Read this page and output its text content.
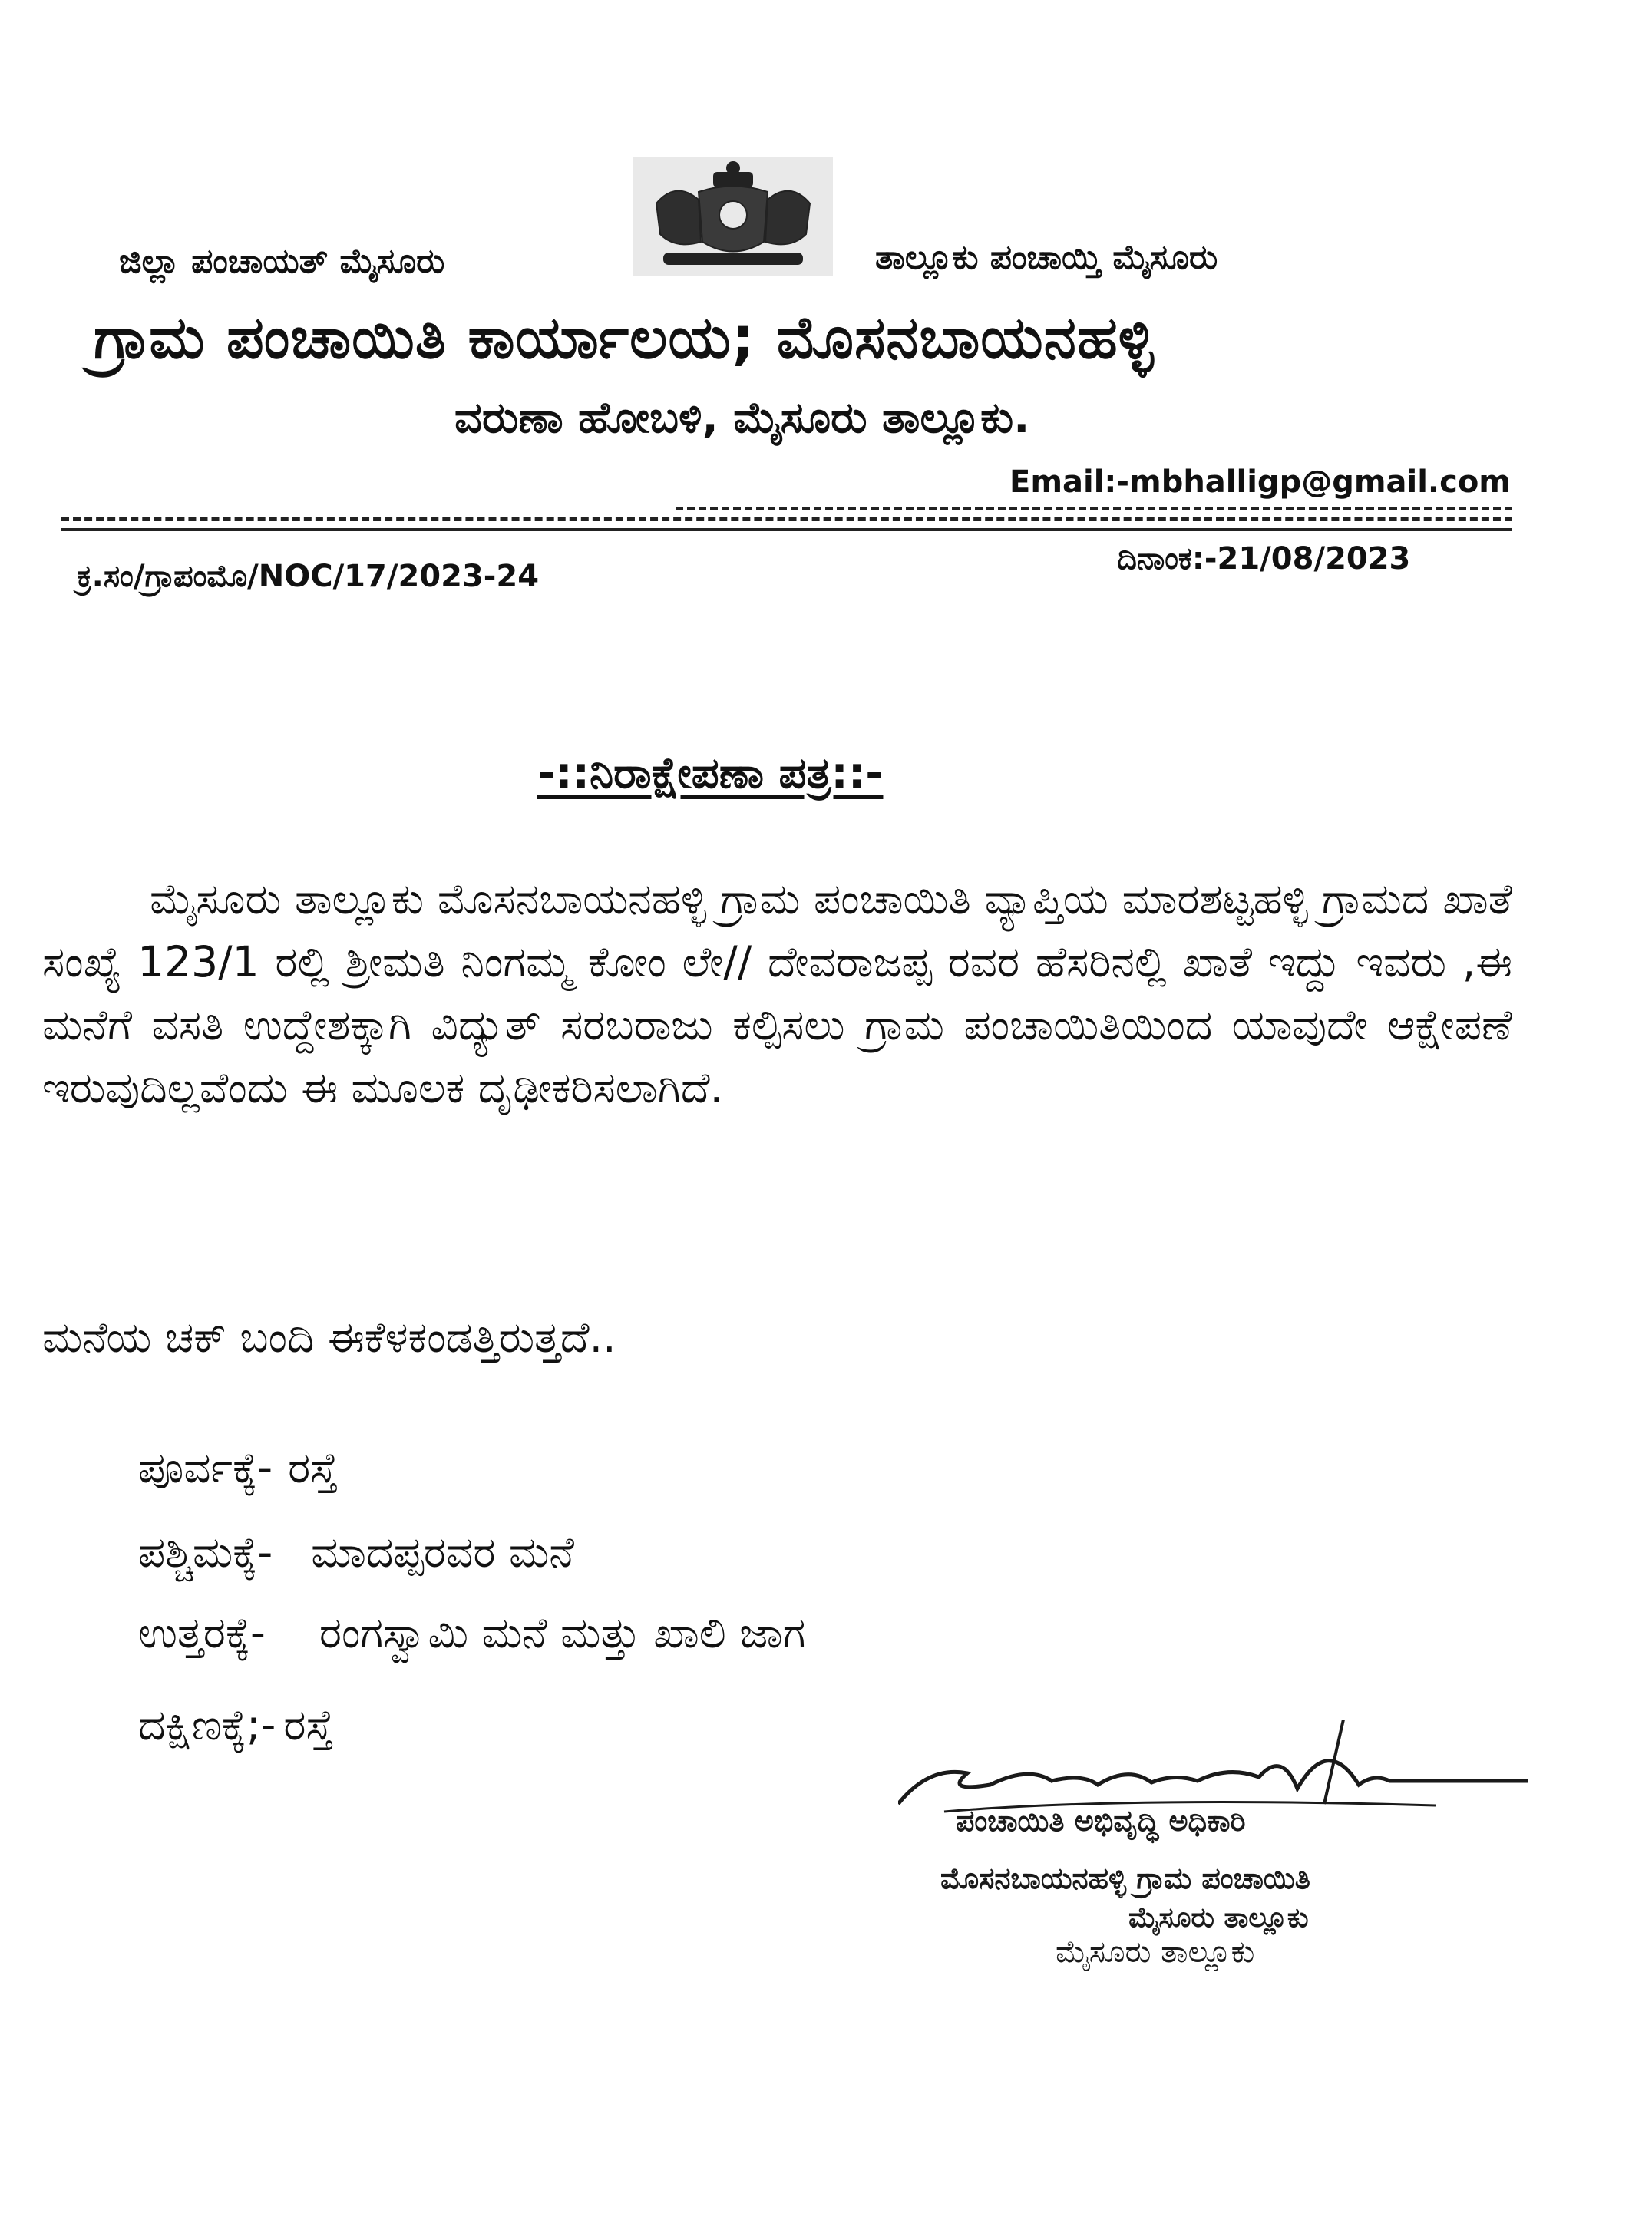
ಜಿಲ್ಲಾ ಪಂಚಾಯತ್ ಮೈಸೂರು	ತಾಲ್ಲೂಕು ಪಂಚಾಯ್ತಿ ಮೈಸೂರು
ಗ್ರಾಮ ಪಂಚಾಯಿತಿ ಕಾರ್ಯಾಲಯ; ಮೊಸನಬಾಯನಹಳ್ಳಿ
ವರುಣಾ ಹೋಬಳಿ, ಮೈಸೂರು ತಾಲ್ಲೂಕು.
Email:-mbhalligp@gmail.com
ಕ್ರ.ಸಂ/ಗ್ರಾಪಂಮೊ/NOC/17/2023-24	ದಿನಾಂಕ:-21/08/2023
-::ನಿರಾಕ್ಷೇಪಣಾ ಪತ್ರ::-
ಮೈಸೂರು ತಾಲ್ಲೂಕು ಮೊಸನಬಾಯನಹಳ್ಳಿ ಗ್ರಾಮ ಪಂಚಾಯಿತಿ ವ್ಯಾಪ್ತಿಯ ಮಾರಶಟ್ಟಹಳ್ಳಿ ಗ್ರಾಮದ ಖಾತೆ ಸಂಖ್ಯೆ 123/1 ರಲ್ಲಿ ಶ್ರೀಮತಿ ನಿಂಗಮ್ಮ ಕೋಂ ಲೇ// ದೇವರಾಜಪ್ಪ ರವರ ಹೆಸರಿನಲ್ಲಿ ಖಾತೆ ಇದ್ದು ಇವರು ,ಈ ಮನೆಗೆ ವಸತಿ ಉದ್ದೇಶಕ್ಕಾಗಿ ವಿದ್ಯುತ್ ಸರಬರಾಜು ಕಲ್ಪಿಸಲು ಗ್ರಾಮ ಪಂಚಾಯಿತಿಯಿಂದ ಯಾವುದೇ ಆಕ್ಷೇಪಣೆ ಇರುವುದಿಲ್ಲವೆಂದು ಈ ಮೂಲಕ ದೃಢೀಕರಿಸಲಾಗಿದೆ.
ಮನೆಯ ಚಕ್ ಬಂದಿ ಈಕೆಳಕಂಡತ್ತಿರುತ್ತದೆ..
ಪೂರ್ವಕ್ಕೆ- ರಸ್ತೆ
ಪಶ್ಚಿಮಕ್ಕೆ- ಮಾದಪ್ಪರವರ ಮನೆ
ಉತ್ತರಕ್ಕೆ- ರಂಗಸ್ವಾಮಿ ಮನೆ ಮತ್ತು ಖಾಲಿ ಜಾಗ
ದಕ್ಷಿಣಕ್ಕೆ;- ರಸ್ತೆ
ಪಂಚಾಯಿತಿ ಅಭಿವೃದ್ಧಿ ಅಧಿಕಾರಿ
ಮೊಸನಬಾಯನಹಳ್ಳಿ ಗ್ರಾಮ ಪಂಚಾಯಿತಿ
ಮೈಸೂರು ತಾಲ್ಲೂಕು
ಮೈಸೂರು ತಾಲ್ಲೂಕು
